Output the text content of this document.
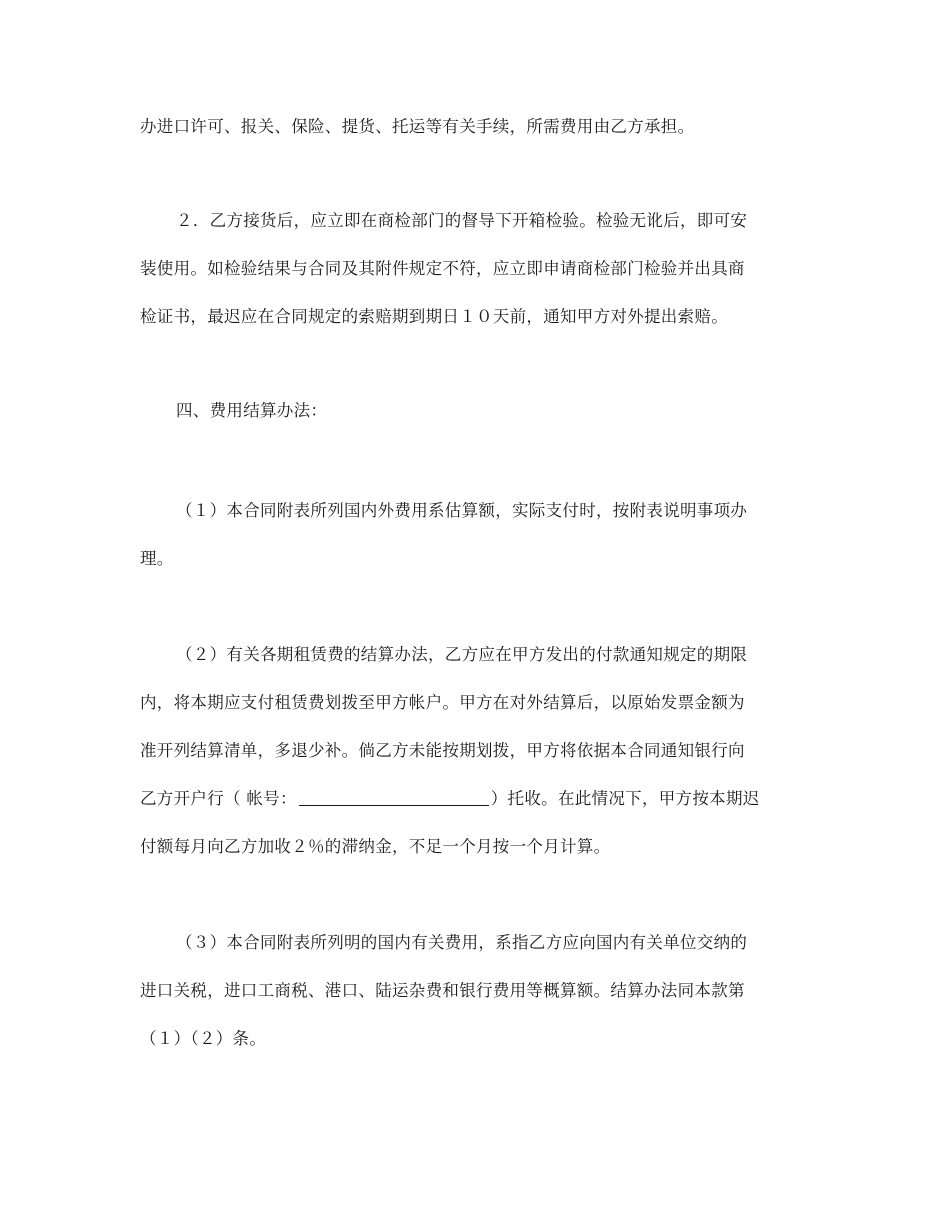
办进口许可、报关、保险、提货、托运等有关手续，所需费用由乙方承担。
２．乙方接货后，应立即在商检部门的督导下开箱检验。检验无讹后，即可安
装使用。如检验结果与合同及其附件规定不符，应立即申请商检部门检验并出具商
检证书，最迟应在合同规定的索赔期到期日１０天前，通知甲方对外提出索赔。
四、费用结算办法：
（１）本合同附表所列国内外费用系估算额，实际支付时，按附表说明事项办
理。
（２）有关各期租赁费的结算办法，乙方应在甲方发出的付款通知规定的期限
内，将本期应支付租赁费划拨至甲方帐户。甲方在对外结算后，以原始发票金额为
准开列结算清单，多退少补。倘乙方未能按期划拨，甲方将依据本合同通知银行向
乙方开户行（ 帐号：	）托收。在此情况下，甲方按本期迟
付额每月向乙方加收２％的滞纳金，不足一个月按一个月计算。
（３）本合同附表所列明的国内有关费用，系指乙方应向国内有关单位交纳的
进口关税，进口工商税、港口、陆运杂费和银行费用等概算额。结算办法同本款第
（１）（２）条。
